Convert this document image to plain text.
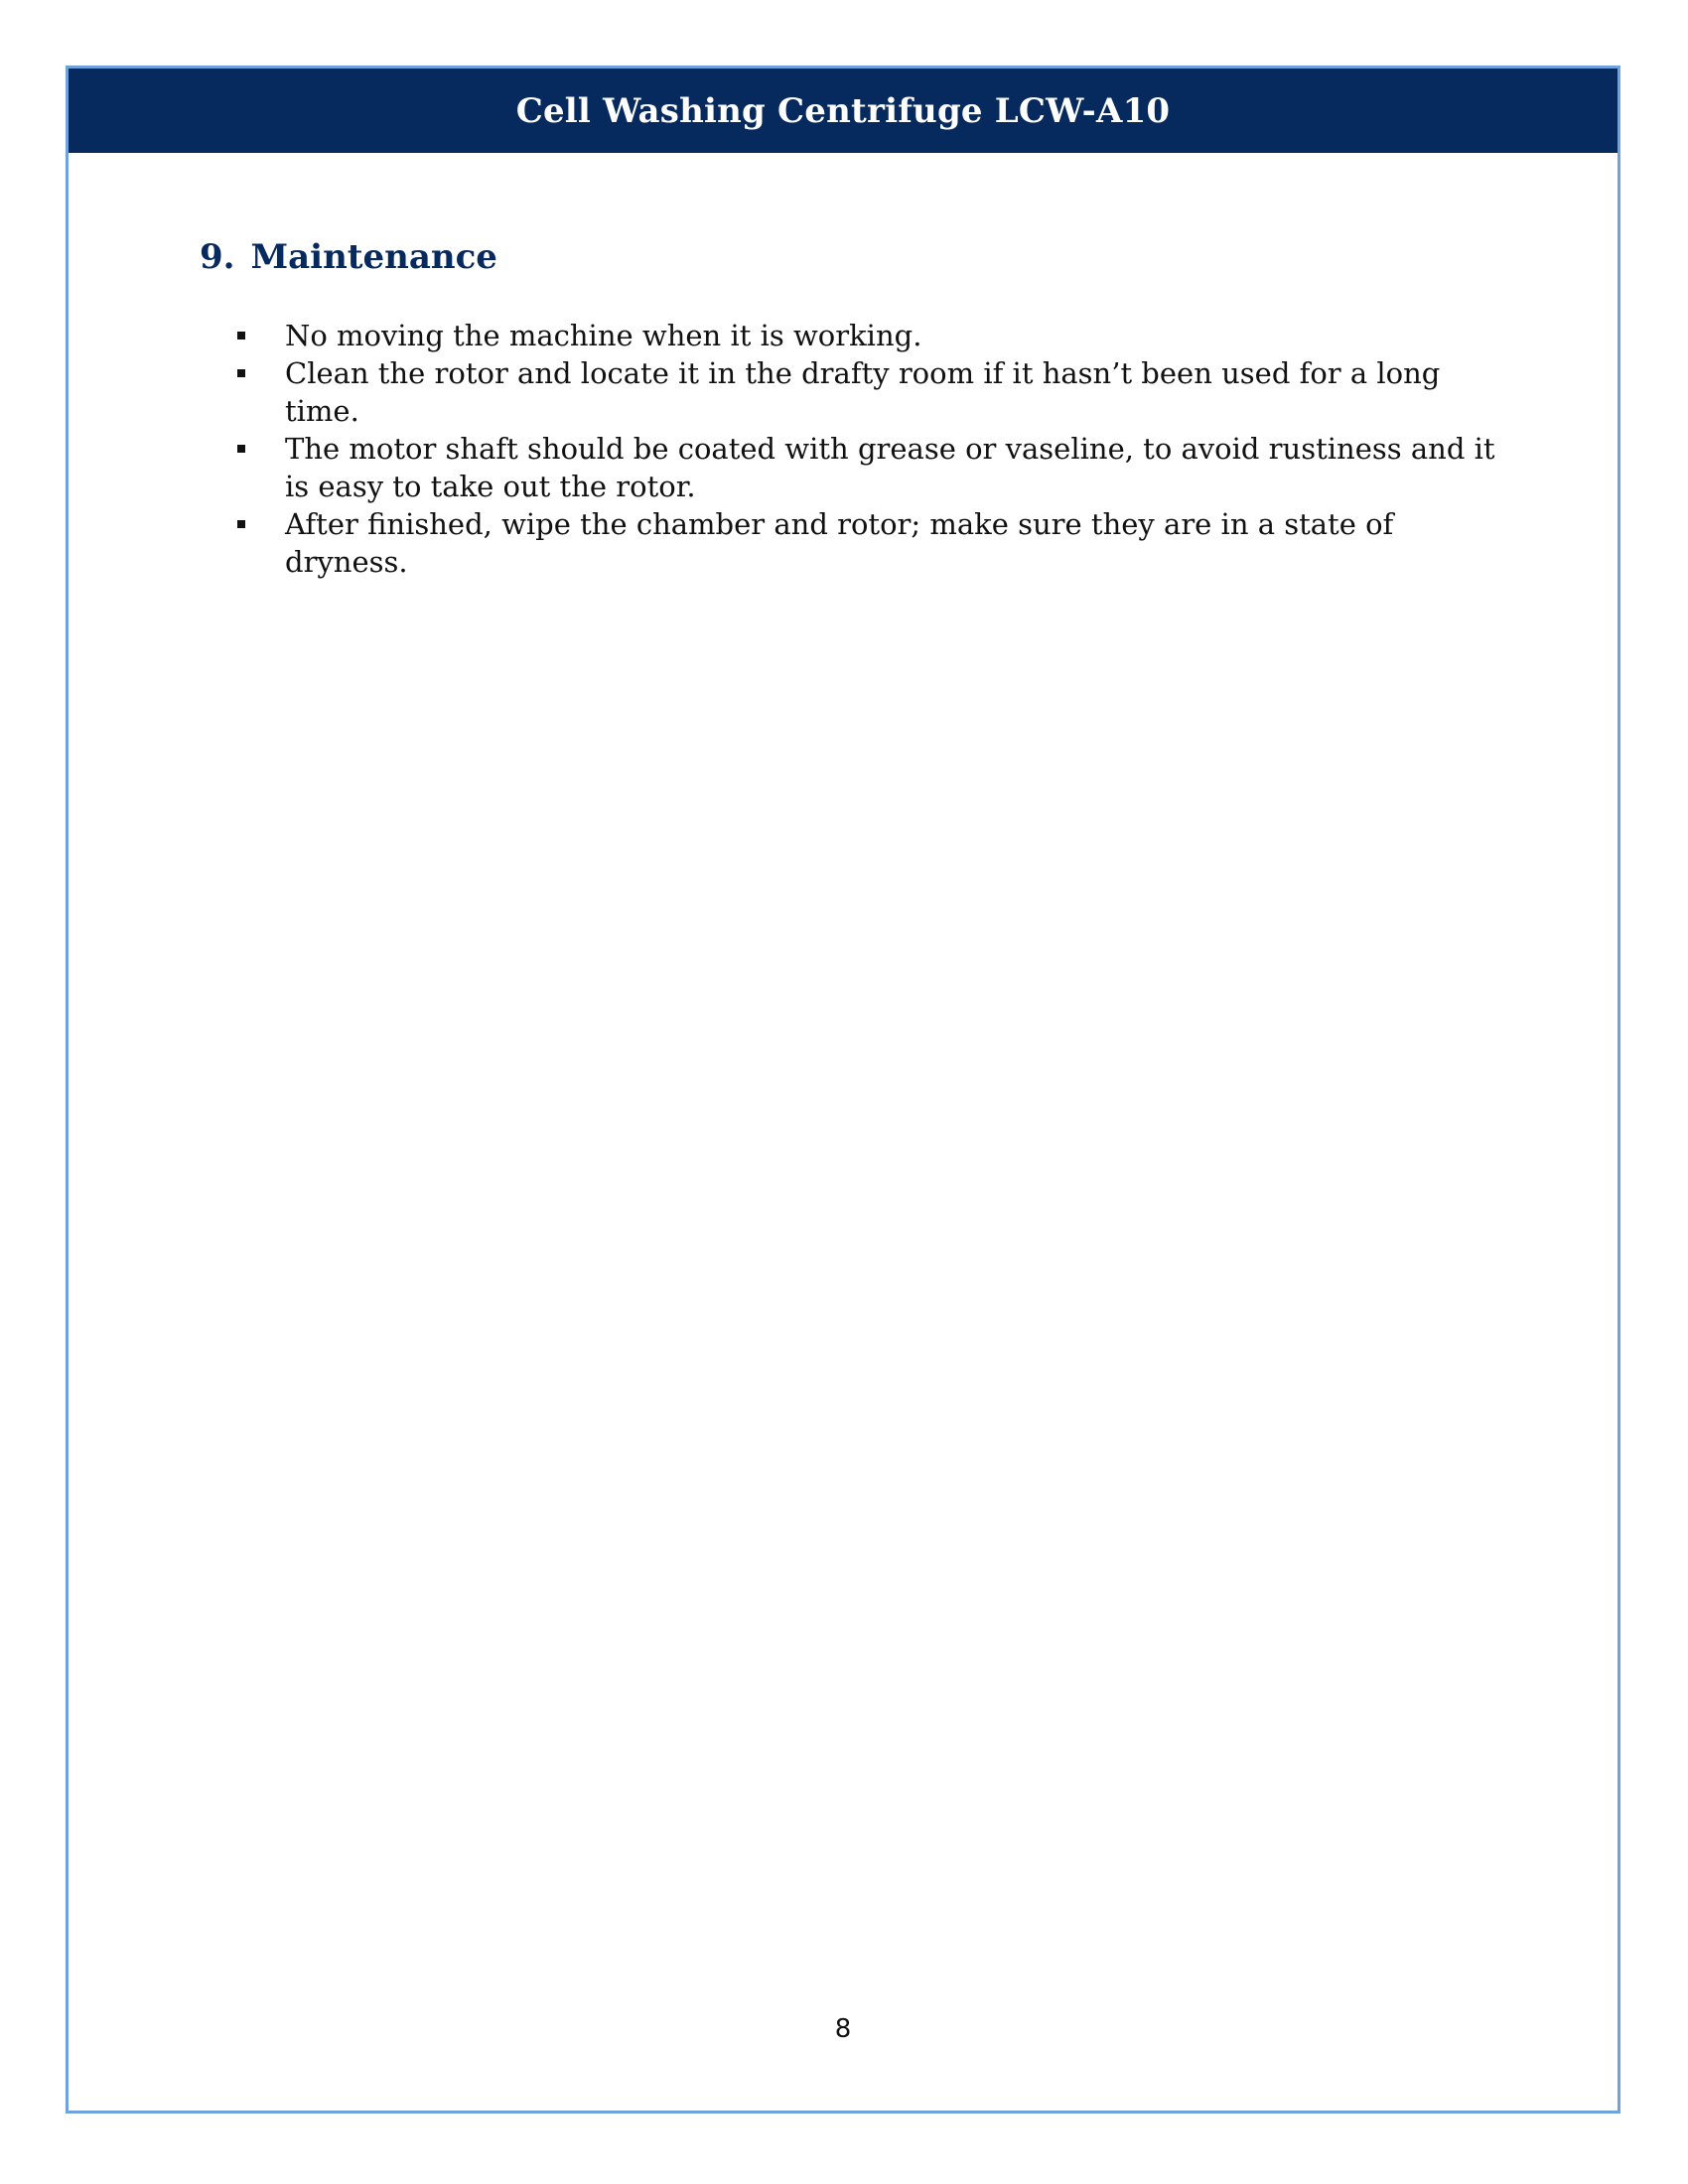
Cell Washing Centrifuge LCW-A10
9. Maintenance
No moving the machine when it is working.
Clean the rotor and locate it in the drafty room if it hasn’t been used for a long time.
The motor shaft should be coated with grease or vaseline, to avoid rustiness and it is easy to take out the rotor.
After finished, wipe the chamber and rotor; make sure they are in a state of dryness.
8
